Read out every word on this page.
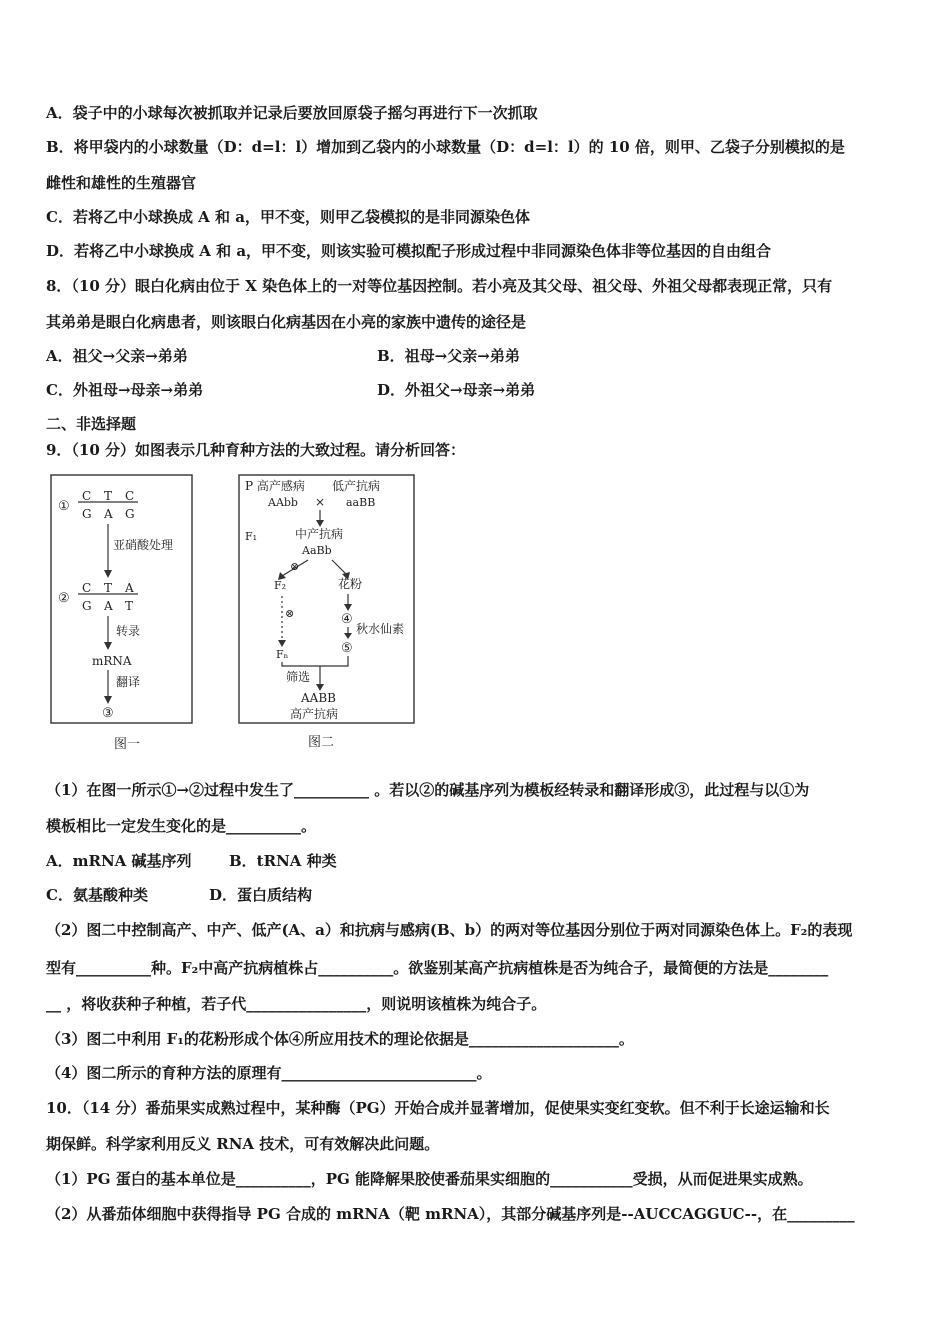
A．袋子中的小球每次被抓取并记录后要放回原袋子摇匀再进行下一次抓取
B．将甲袋内的小球数量（D：d=l：l）增加到乙袋内的小球数量（D：d=l：l）的 10 倍，则甲、乙袋子分别模拟的是
雌性和雄性的生殖器官
C．若将乙中小球换成 A 和 a，甲不变，则甲乙袋模拟的是非同源染色体
D．若将乙中小球换成 A 和 a，甲不变，则该实验可模拟配子形成过程中非同源染色体非等位基因的自由组合
8．（10 分）眼白化病由位于 X 染色体上的一对等位基因控制。若小亮及其父母、祖父母、外祖父母都表现正常，只有
其弟弟是眼白化病患者，则该眼白化病基因在小亮的家族中遗传的途径是
A．祖父→父亲→弟弟	B．祖母→父亲→弟弟
C．外祖母→母亲→弟弟	D．外祖父→母亲→弟弟
二、非选择题
9．（10 分）如图表示几种育种方法的大致过程。请分析回答：
①
C T C
G A G
亚硝酸处理
②
C T A
G A T
转录
mRNA
翻译
③
图一
P 高产感病 低产抗病
AAbb × aaBB
F₁	中产抗病
AaBb
⊗
F₂	花粉
⊗	④
秋水仙素
⑤
Fₙ
筛选
AABB
高产抗病
图二
（1）在图一所示①→②过程中发生了__________ 。若以②的碱基序列为模板经转录和翻译形成③，此过程与以①为
模板相比一定发生变化的是__________。
A．mRNA 碱基序列 B．tRNA 种类
C．氨基酸种类	D．蛋白质结构
（2）图二中控制高产、中产、低产(A、a）和抗病与感病(B、b）的两对等位基因分别位于两对同源染色体上。F₂的表现
型有__________种。F₂中高产抗病植株占__________。欲鉴别某高产抗病植株是否为纯合子，最简便的方法是________
__ ，将收获种子种植，若子代________________，则说明该植株为纯合子。
（3）图二中利用 F₁的花粉形成个体④所应用技术的理论依据是____________________。
（4）图二所示的育种方法的原理有__________________________。
10．（14 分）番茄果实成熟过程中，某种酶（PG）开始合成并显著增加，促使果实变红变软。但不利于长途运输和长
期保鲜。科学家利用反义 RNA 技术，可有效解决此问题。
（1）PG 蛋白的基本单位是__________，PG 能降解果胶使番茄果实细胞的___________受损，从而促进果实成熟。
（2）从番茄体细胞中获得指导 PG 合成的 mRNA（靶 mRNA），其部分碱基序列是--AUCCAGGUC--，在_________
